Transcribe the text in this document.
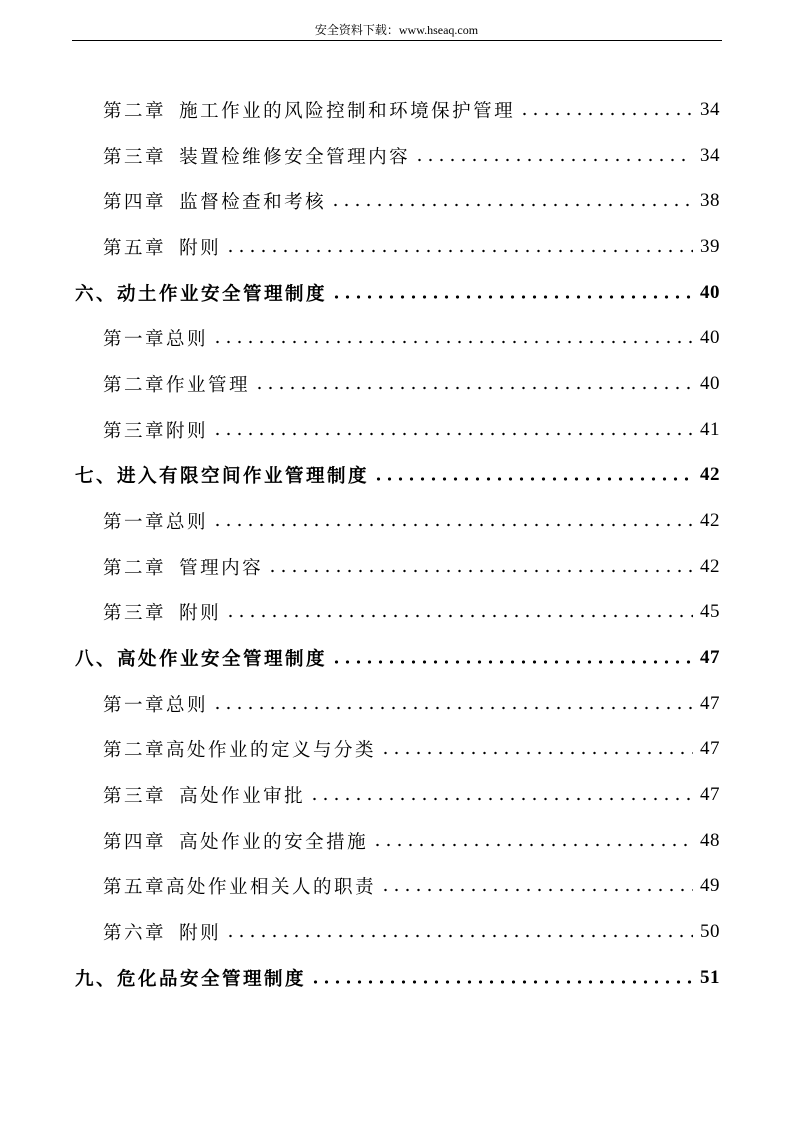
安全资料下载：www.hseaq.com
第二章 施工作业的风险控制和环境保护管理	34
第三章 装置检维修安全管理内容	34
第四章 监督检查和考核	38
第五章 附则	39
六、动土作业安全管理制度	40
第一章总则	40
第二章作业管理	40
第三章附则	41
七、进入有限空间作业管理制度	42
第一章总则	42
第二章 管理内容	42
第三章 附则	45
八、高处作业安全管理制度	47
第一章总则	47
第二章高处作业的定义与分类	47
第三章 高处作业审批	47
第四章 高处作业的安全措施	48
第五章高处作业相关人的职责	49
第六章 附则	50
九、危化品安全管理制度	51
